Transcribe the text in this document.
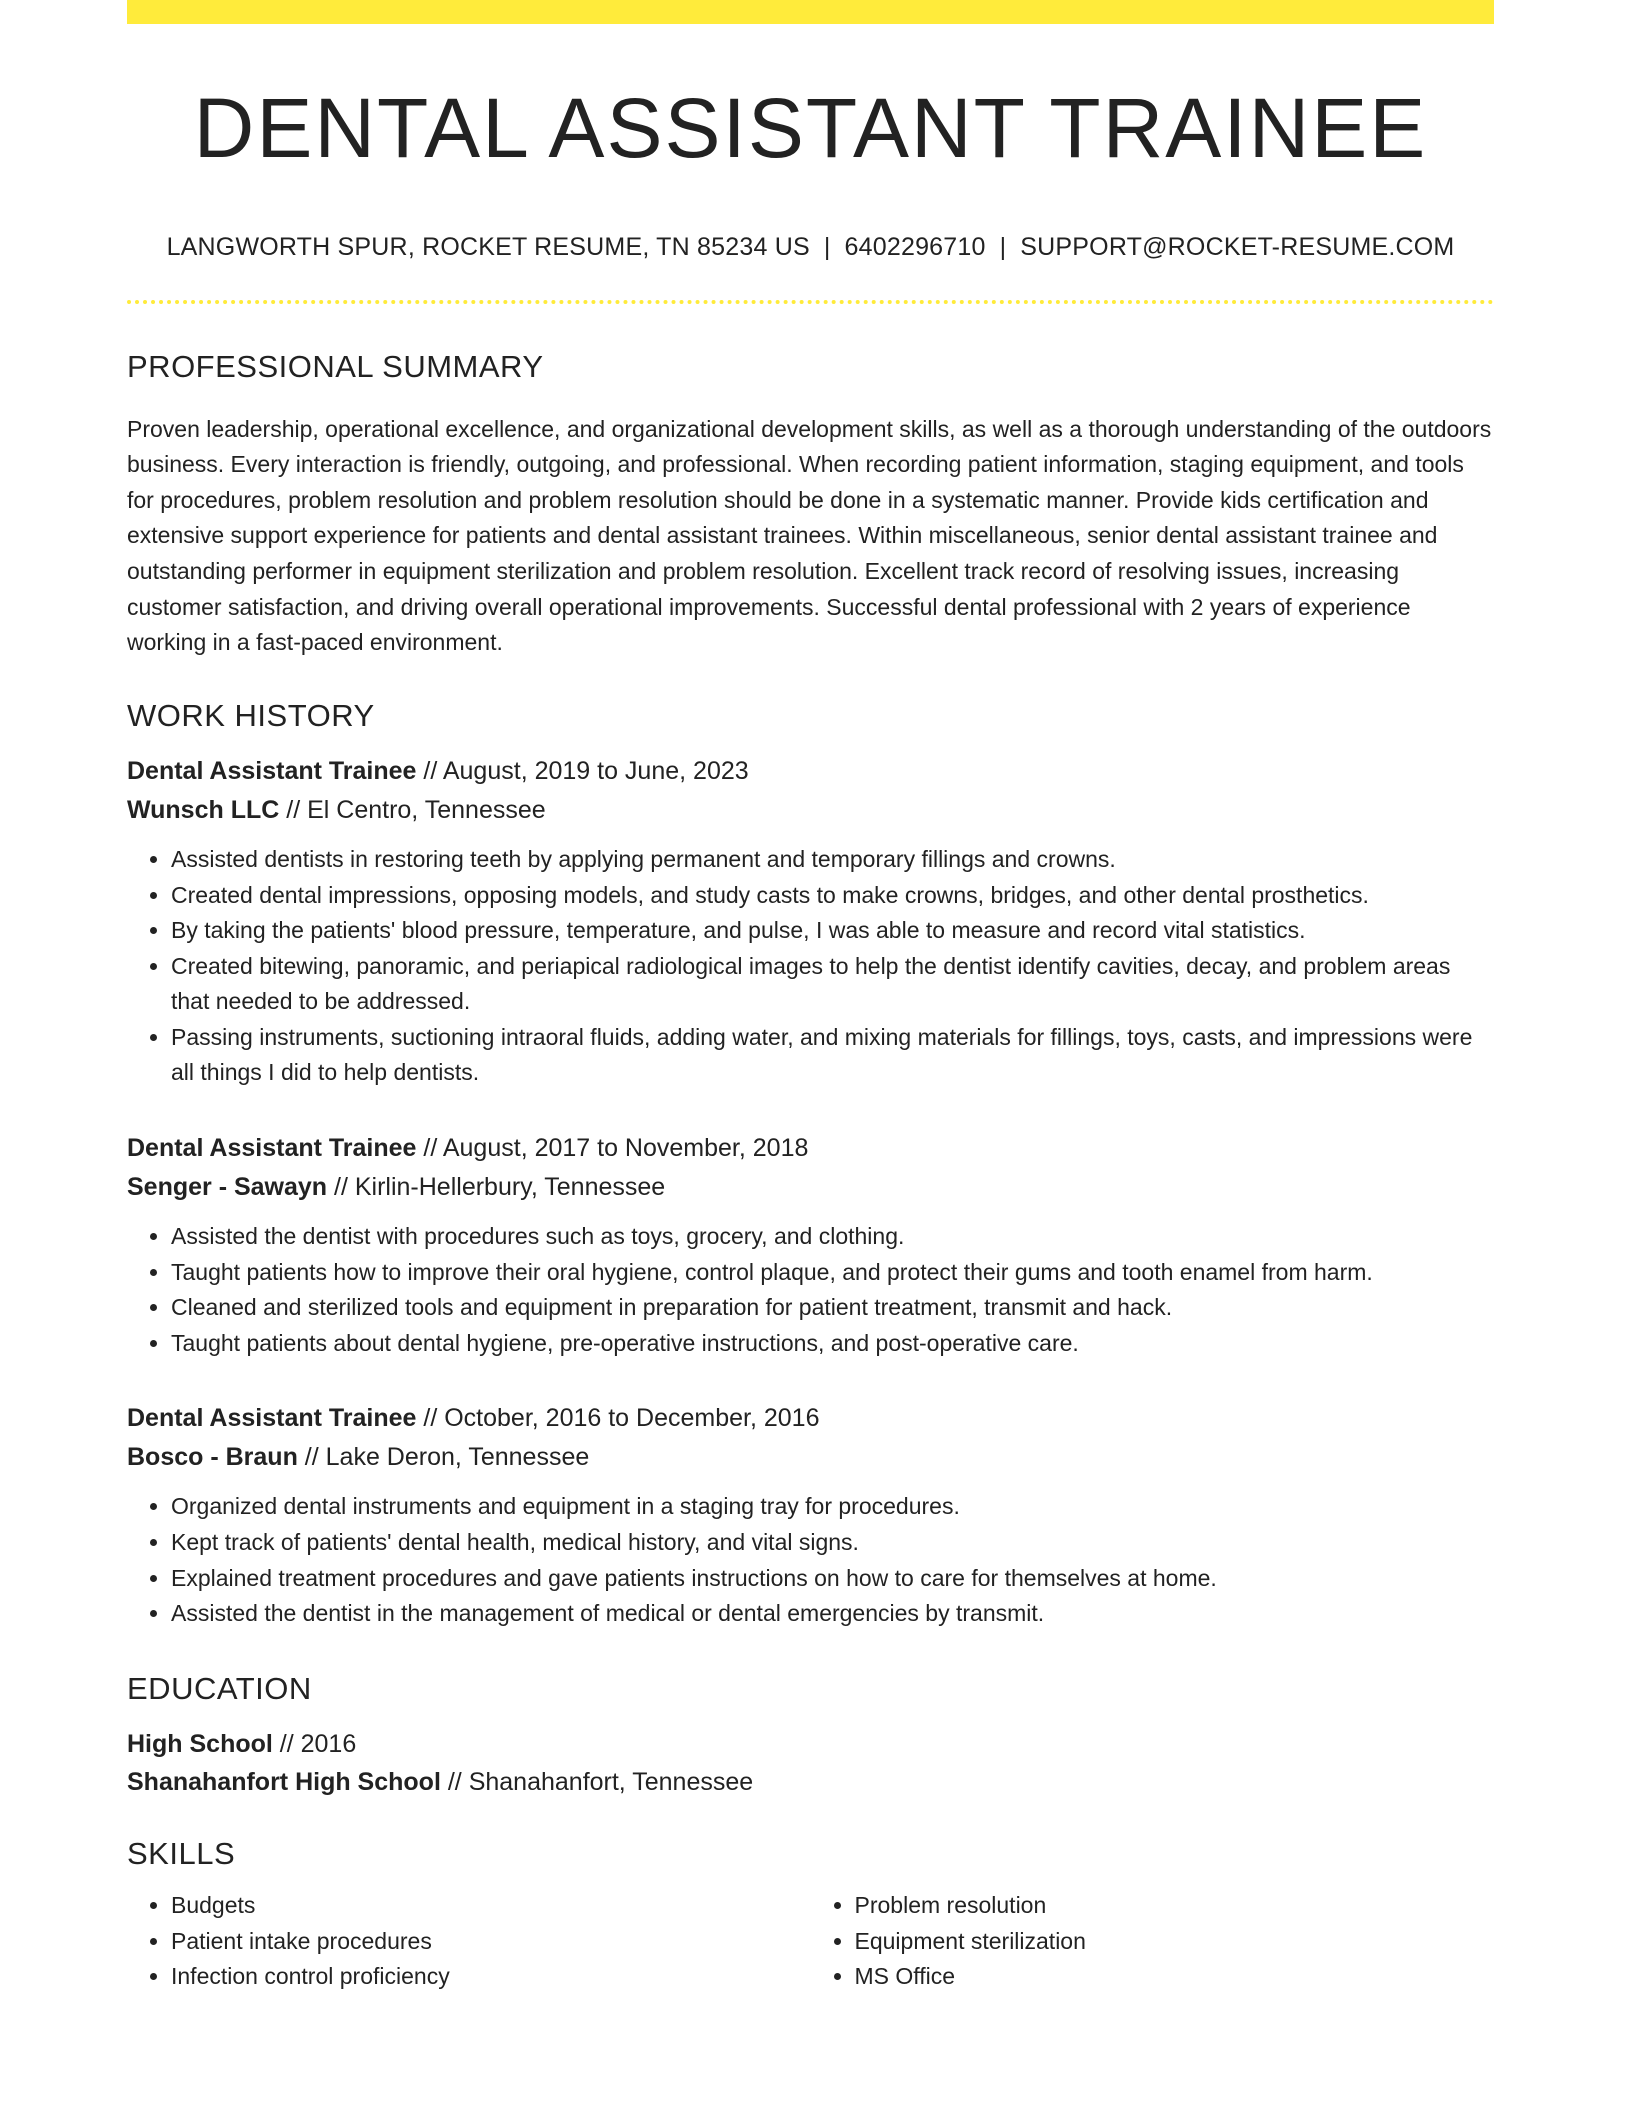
DENTAL ASSISTANT TRAINEE
LANGWORTH SPUR, ROCKET RESUME, TN 85234 US | 6402296710 | SUPPORT@ROCKET-RESUME.COM
PROFESSIONAL SUMMARY

Proven leadership, operational excellence, and organizational development skills, as well as a thorough understanding of the outdoors business. Every interaction is friendly, outgoing, and professional. When recording patient information, staging equipment, and tools for procedures, problem resolution and problem resolution should be done in a systematic manner. Provide kids certification and extensive support experience for patients and dental assistant trainees. Within miscellaneous, senior dental assistant trainee and outstanding performer in equipment sterilization and problem resolution. Excellent track record of resolving issues, increasing customer satisfaction, and driving overall operational improvements. Successful dental professional with 2 years of experience working in a fast-paced environment.

WORK HISTORY
Dental Assistant Trainee // August, 2019 to June, 2023
Wunsch LLC // El Centro, Tennessee
• Assisted dentists in restoring teeth by applying permanent and temporary fillings and crowns.
• Created dental impressions, opposing models, and study casts to make crowns, bridges, and other dental prosthetics.
• By taking the patients' blood pressure, temperature, and pulse, I was able to measure and record vital statistics.
• Created bitewing, panoramic, and periapical radiological images to help the dentist identify cavities, decay, and problem areas that needed to be addressed.
• Passing instruments, suctioning intraoral fluids, adding water, and mixing materials for fillings, toys, casts, and impressions were all things I did to help dentists.
Dental Assistant Trainee // August, 2017 to November, 2018
Senger - Sawayn // Kirlin-Hellerbury, Tennessee
• Assisted the dentist with procedures such as toys, grocery, and clothing.
• Taught patients how to improve their oral hygiene, control plaque, and protect their gums and tooth enamel from harm.
• Cleaned and sterilized tools and equipment in preparation for patient treatment, transmit and hack.
• Taught patients about dental hygiene, pre-operative instructions, and post-operative care.
Dental Assistant Trainee // October, 2016 to December, 2016
Bosco - Braun // Lake Deron, Tennessee
• Organized dental instruments and equipment in a staging tray for procedures.
• Kept track of patients' dental health, medical history, and vital signs.
• Explained treatment procedures and gave patients instructions on how to care for themselves at home.
• Assisted the dentist in the management of medical or dental emergencies by transmit.
EDUCATION
High School // 2016
Shanahanfort High School // Shanahanfort, Tennessee
SKILLS
• Budgets
• Patient intake procedures
• Infection control proficiency
• Problem resolution
• Equipment sterilization
• MS Office
